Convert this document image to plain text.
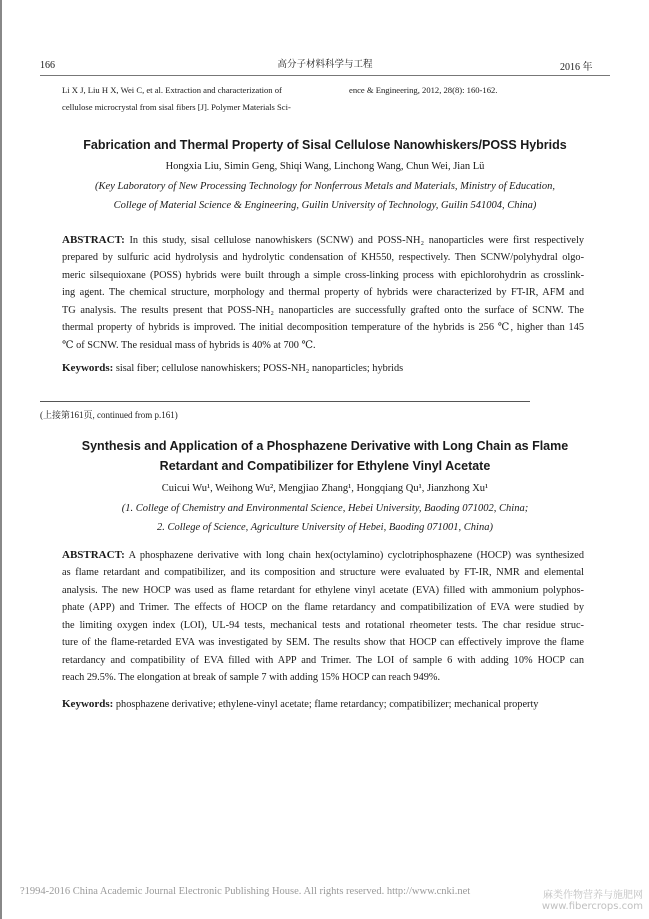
166	高分子材料科学与工程	2016 年
Li X J, Liu H X, Wei C, et al. Extraction and characterization of
cellulose microcrystal from sisal fibers [J]. Polymer Materials Sci-
ence & Engineering, 2012, 28(8): 160-162.
Fabrication and Thermal Property of Sisal Cellulose Nanowhiskers/POSS Hybrids
Hongxia Liu, Simin Geng, Shiqi Wang, Linchong Wang, Chun Wei, Jian Lü
(Key Laboratory of New Processing Technology for Nonferrous Metals and Materials, Ministry of Education,
College of Material Science & Engineering, Guilin University of Technology, Guilin 541004, China)
ABSTRACT: In this study, sisal cellulose nanowhiskers (SCNW) and POSS-NH₂ nanoparticles were first respectively
prepared by sulfuric acid hydrolysis and hydrolytic condensation of KH550, respectively. Then SCNW/polyhydral olgo-
meric silsequioxane (POSS) hybrids were built through a simple cross-linking process with epichlorohydrin as crosslink-
ing agent. The chemical structure, morphology and thermal property of hybrids were characterized by FT-IR, AFM and
TG analysis. The results present that POSS-NH₂ nanoparticles are successfully grafted onto the surface of SCNW. The
thermal property of hybrids is improved. The initial decomposition temperature of the hybrids is 256 ℃, higher than 145
℃ of SCNW. The residual mass of hybrids is 40% at 700 ℃.
Keywords: sisal fiber; cellulose nanowhiskers; POSS-NH₂ nanoparticles; hybrids
(上接第161页, continued from p.161)
Synthesis and Application of a Phosphazene Derivative with Long Chain as Flame
Retardant and Compatibilizer for Ethylene Vinyl Acetate
Cuicui Wu¹, Weihong Wu², Mengjiao Zhang¹, Hongqiang Qu¹, Jianzhong Xu¹
(1. College of Chemistry and Environmental Science, Hebei University, Baoding 071002, China;
2. College of Science, Agriculture University of Hebei, Baoding 071001, China)
ABSTRACT: A phosphazene derivative with long chain hex(octylamino) cyclotriphosphazene (HOCP) was synthesized
as flame retardant and compatibilizer, and its composition and structure were evaluated by FT-IR, NMR and elemental
analysis. The new HOCP was used as flame retardant for ethylene vinyl acetate (EVA) filled with ammonium polyphos-
phate (APP) and Trimer. The effects of HOCP on the flame retardancy and compatibilization of EVA were studied by
the limiting oxygen index (LOI), UL-94 tests, mechanical tests and rotational rheometer tests. The char residue struc-
ture of the flame-retarded EVA was investigated by SEM. The results show that HOCP can effectively improve the flame
retardancy and compatibility of EVA filled with APP and Trimer. The LOI of sample 6 with adding 10% HOCP can
reach 29.5%. The elongation at break of sample 7 with adding 15% HOCP can reach 949%.
Keywords: phosphazene derivative; ethylene-vinyl acetate; flame retardancy; compatibilizer; mechanical property
?1994-2016 China Academic Journal Electronic Publishing House. All rights reserved. http://www.cnki.net	麻类作物营养与施肥网
www.fibercrops.com
